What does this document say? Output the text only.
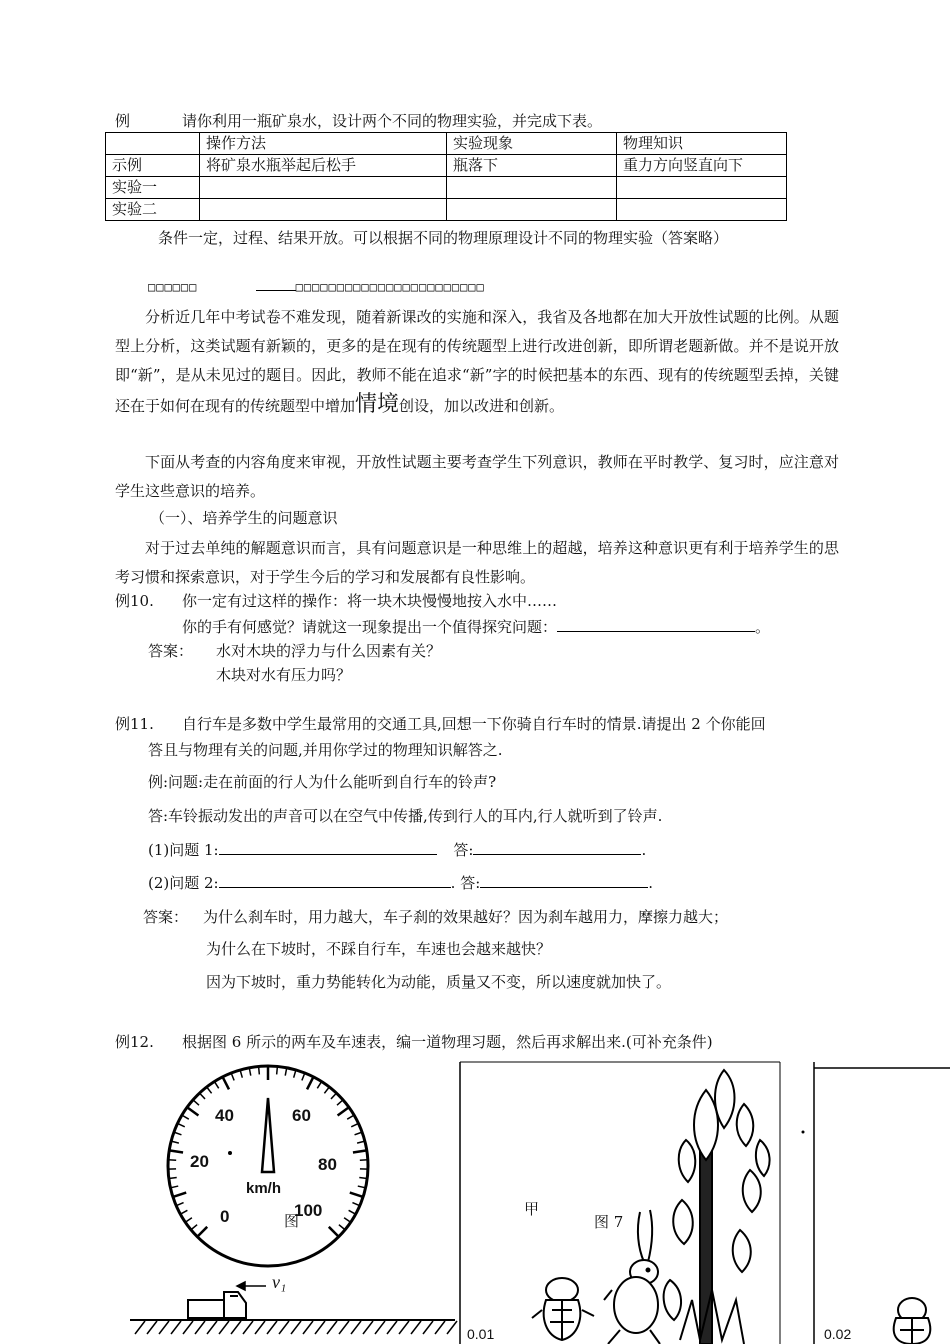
例	请你利用一瓶矿泉水，设计两个不同的物理实验，并完成下表。
	操作方法	实验现象	物理知识
示例	将矿泉水瓶举起后松手	瓶落下	重力方向竖直向下
实验一			
实验二			
条件一定，过程、结果开放。可以根据不同的物理原理设计不同的物理实验（答案略）
□□□□□□	□□□□□□□□□□□□□□□□□□□□□□□
分析近几年中考试卷不难发现，随着新课改的实施和深入，我省及各地都在加大开放性试题的比例。从题型上分析，这类试题有新颖的，更多的是在现有的传统题型上进行改进创新，即所谓老题新做。并不是说开放即“新”，是从未见过的题目。因此，教师不能在追求“新”字的时候把基本的东西、现有的传统题型丢掉，关键还在于如何在现有的传统题型中增加情境创设，加以改进和创新。
下面从考查的内容角度来审视，开放性试题主要考查学生下列意识，教师在平时教学、复习时，应注意对学生这些意识的培养。
（一）、培养学生的问题意识
对于过去单纯的解题意识而言，具有问题意识是一种思维上的超越，培养这种意识更有利于培养学生的思考习惯和探索意识，对于学生今后的学习和发展都有良性影响。
例10. 你一定有过这样的操作：将一块木块慢慢地按入水中……
你的手有何感觉？请就这一现象提出一个值得探究问题：	。
答案： 水对木块的浮力与什么因素有关？
木块对水有压力吗？
例11. 自行车是多数中学生最常用的交通工具,回想一下你骑自行车时的情景.请提出 2 个你能回
答且与物理有关的问题,并用你学过的物理知识解答之.
例:问题:走在前面的行人为什么能听到自行车的铃声?
答:车铃振动发出的声音可以在空气中传播,传到行人的耳内,行人就听到了铃声.
(1)问题 1:	答:	.
(2)问题 2:	. 答:	.
答案： 为什么刹车时，用力越大，车子刹的效果越好？因为刹车越用力，摩擦力越大；
为什么在下坡时，不踩自行车，车速也会越来越快？
因为下坡时，重力势能转化为动能，质量又不变，所以速度就加快了。
例12. 根据图 6 所示的两车及车速表，编一道物理习题，然后再求解出来.(可补充条件)
40	60
20	80
0	100
km/h
图
甲
图 7
v₁
0.01	0.02
